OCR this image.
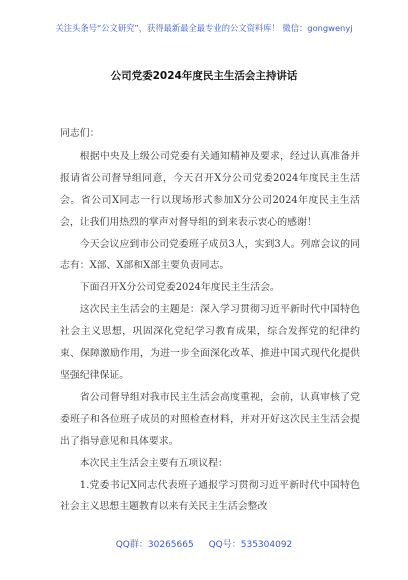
关注头条号“公文研究”，获得最新最全最专业的公文资料库！ 微信：gongwenyj
公司党委2024年度民主生活会主持讲话

同志们：

根据中央及上级公司党委有关通知精神及要求，经过认真准备并报请省公司督导组同意，今天召开X分公司党委2024年度民主生活会。省公司X同志一行以现场形式参加X分公司2024年度民主生活会，让我们用热烈的掌声对督导组的到来表示衷心的感谢！

今天会议应到市公司党委班子成员3人，实到3人。列席会议的同志有：X部、X部和X部主要负责同志。

下面召开X分公司党委2024年度民主生活会。

这次民主生活会的主题是：深入学习贯彻习近平新时代中国特色社会主义思想，巩固深化党纪学习教育成果，综合发挥党的纪律约束、保障激励作用，为进一步全面深化改革、推进中国式现代化提供坚强纪律保证。

省公司督导组对我市民主生活会高度重视，会前，认真审核了党委班子和各位班子成员的对照检查材料，并对开好这次民主生活会提出了指导意见和具体要求。

本次民主生活会主要有五项议程：

1.党委书记X同志代表班子通报学习贯彻习近平新时代中国特色社会主义思想主题教育以来有关民主生活会整改

QQ群：30265665 QQ号：535304092
